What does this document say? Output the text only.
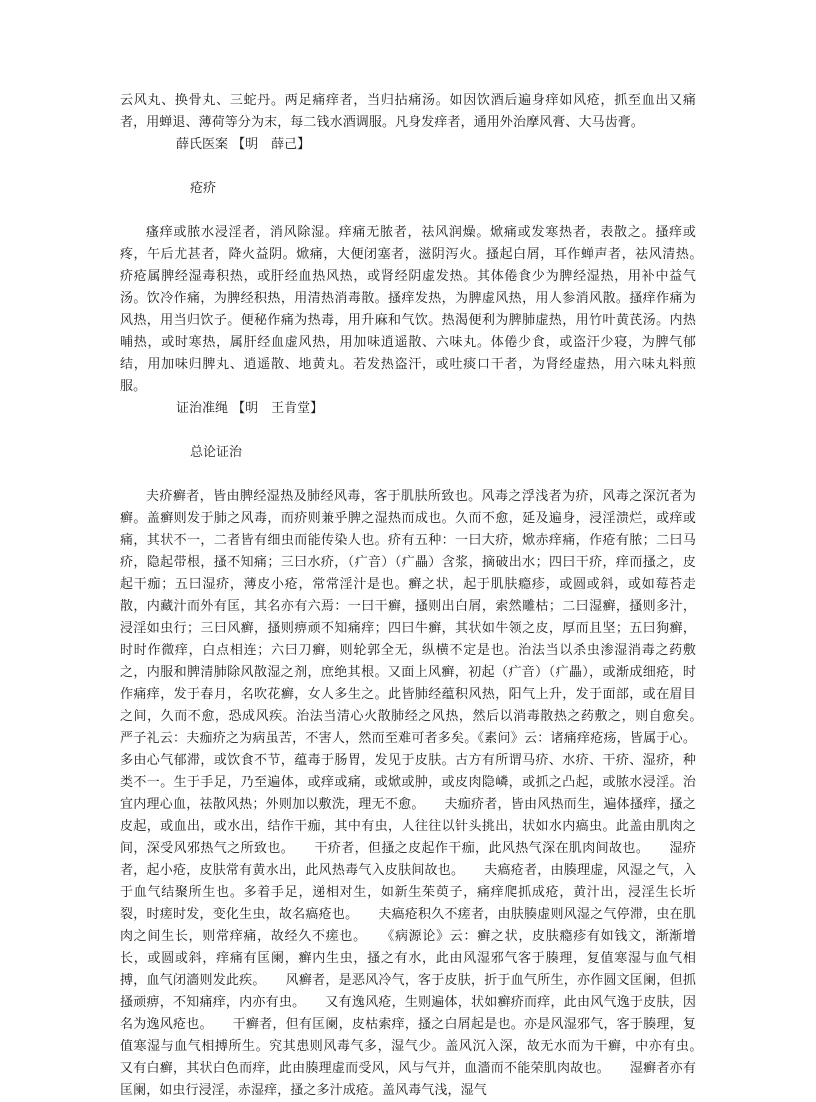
云风丸、换骨丸、三蛇丹。两足痛痒者，当归拈痛汤。如因饮酒后遍身痒如风疮，抓至血出又痛者，用蝉退、薄荷等分为末，每二钱水酒调服。凡身发痒者，通用外治摩风膏、大马齿膏。

薛氏医案 【明　薛己】

疮疥

瘙痒或脓水浸淫者，消风除湿。痒痛无脓者，祛风润燥。焮痛或发寒热者，表散之。搔痒或疼，午后尤甚者，降火益阴。焮痛，大便闭塞者，滋阴泻火。搔起白屑，耳作蝉声者，祛风清热。　　疥疮属脾经湿毒积热，或肝经血热风热，或肾经阴虚发热。其体倦食少为脾经湿热，用补中益气汤。饮冷作痛，为脾经积热，用清热消毒散。搔痒发热，为脾虚风热，用人参消风散。搔痒作痛为风热，用当归饮子。便秘作痛为热毒，用升麻和气饮。热渴便利为脾肺虚热，用竹叶黄芪汤。内热晡热，或时寒热，属肝经血虚风热，用加味逍遥散、六味丸。体倦少食，或盗汗少寝，为脾气郁结，用加味归脾丸、逍遥散、地黄丸。若发热盗汗，或吐痰口干者，为肾经虚热，用六味丸料煎服。

证治准绳 【明　王肯堂】

总论证治

夫疥癣者，皆由脾经湿热及肺经风毒，客于肌肤所致也。风毒之浮浅者为疥，风毒之深沉者为癣。盖癣则发于肺之风毒，而疥则兼乎脾之湿热而成也。久而不愈，延及遍身，浸淫溃烂，或痒或痛，其状不一，二者皆有细虫而能传染人也。疥有五种：一曰大疥，焮赤痒痛，作疮有脓；二曰马疥，隐起带根，搔不知痛；三曰水疥，（疒音）（疒畾）含浆，摘破出水；四曰干疥，痒而搔之，皮起干痂；五曰湿疥，薄皮小疮，常常淫汁是也。癣之状，起于肌肤瘾疹，或圆或斜，或如莓苔走散，内藏汁而外有匡，其名亦有六焉：一曰干癣，搔则出白屑，索然雕枯；二曰湿癣，搔则多汁，浸淫如虫行；三曰风癣，搔则痹顽不知痛痒；四曰牛癣，其状如牛领之皮，厚而且坚；五曰狗癣，时时作微痒，白点相连；六曰刀癣，则轮郭全无，纵横不定是也。治法当以杀虫渗湿消毒之药敷之，内服和脾清肺除风散湿之剂，庶绝其根。又面上风癣，初起（疒音）（疒畾），或渐成细疮，时作痛痒，发于春月，名吹花癣，女人多生之。此皆肺经蕴积风热，阳气上升，发于面部，或在眉目之间，久而不愈，恐成风疾。治法当清心火散肺经之风热，然后以消毒散热之药敷之，则自愈矣。　　严子礼云：夫痂疥之为病虽苦，不害人，然而至难可者多矣。《素问》云：诸痛痒疮疡，皆属于心。多由心气郁滞，或饮食不节，蕴毒于肠胃，发见于皮肤。古方有所谓马疥、水疥、干疥、湿疥，种类不一。生于手足，乃至遍体，或痒或痛，或焮或肿，或皮肉隐嶙，或抓之凸起，或脓水浸淫。治宜内理心血，祛散风热；外则加以敷洗，理无不愈。　　夫痂疥者，皆由风热而生，遍体搔痒，搔之皮起，或血出，或水出，结作干痂，其中有虫，人往往以针头挑出，状如水内瘑虫。此盖由肌肉之间，深受风邪热气之所致也。　　干疥者，但搔之皮起作干痂，此风热气深在肌肉间故也。　　湿疥者，起小疮，皮肤常有黄水出，此风热毒气入皮肤间故也。　　夫瘑疮者，由腠理虚，风湿之气，入于血气结聚所生也。多着手足，递相对生，如新生茱萸子，痛痒爬抓成疮，黄汁出，浸淫生长圻裂，时瘥时发，变化生虫，故名瘑疮也。　　夫瘑疮积久不瘥者，由肤腠虚则风湿之气停滞，虫在肌肉之间生长，则常痒痛，故经久不瘥也。　　《病源论》云：癣之状，皮肤瘾疹有如钱文，渐渐增长，或圆或斜，痒痛有匡阑，癣内生虫，搔之有水，此由风湿邪气客于腠理，复值寒湿与血气相搏，血气闭濇则发此疾。　　风癣者，是恶风冷气，客于皮肤，折于血气所生，亦作圆文匡阑，但抓搔顽痹，不知痛痒，内亦有虫。　　又有逸风疮，生则遍体，状如癣疥而痒，此由风气逸于皮肤，因名为逸风疮也。　　干癣者，但有匡阑，皮枯索痒，搔之白屑起是也。亦是风湿邪气，客于腠理，复值寒湿与血气相搏所生。究其患则风毒气多，湿气少。盖风沉入深，故无水而为干癣，中亦有虫。　　又有白癣，其状白色而痒，此由腠理虚而受风，风与气并，血濇而不能荣肌肉故也。　　湿癣者亦有匡阑，如虫行浸淫，赤湿痒，搔之多汁成疮。盖风毒气浅，湿气
